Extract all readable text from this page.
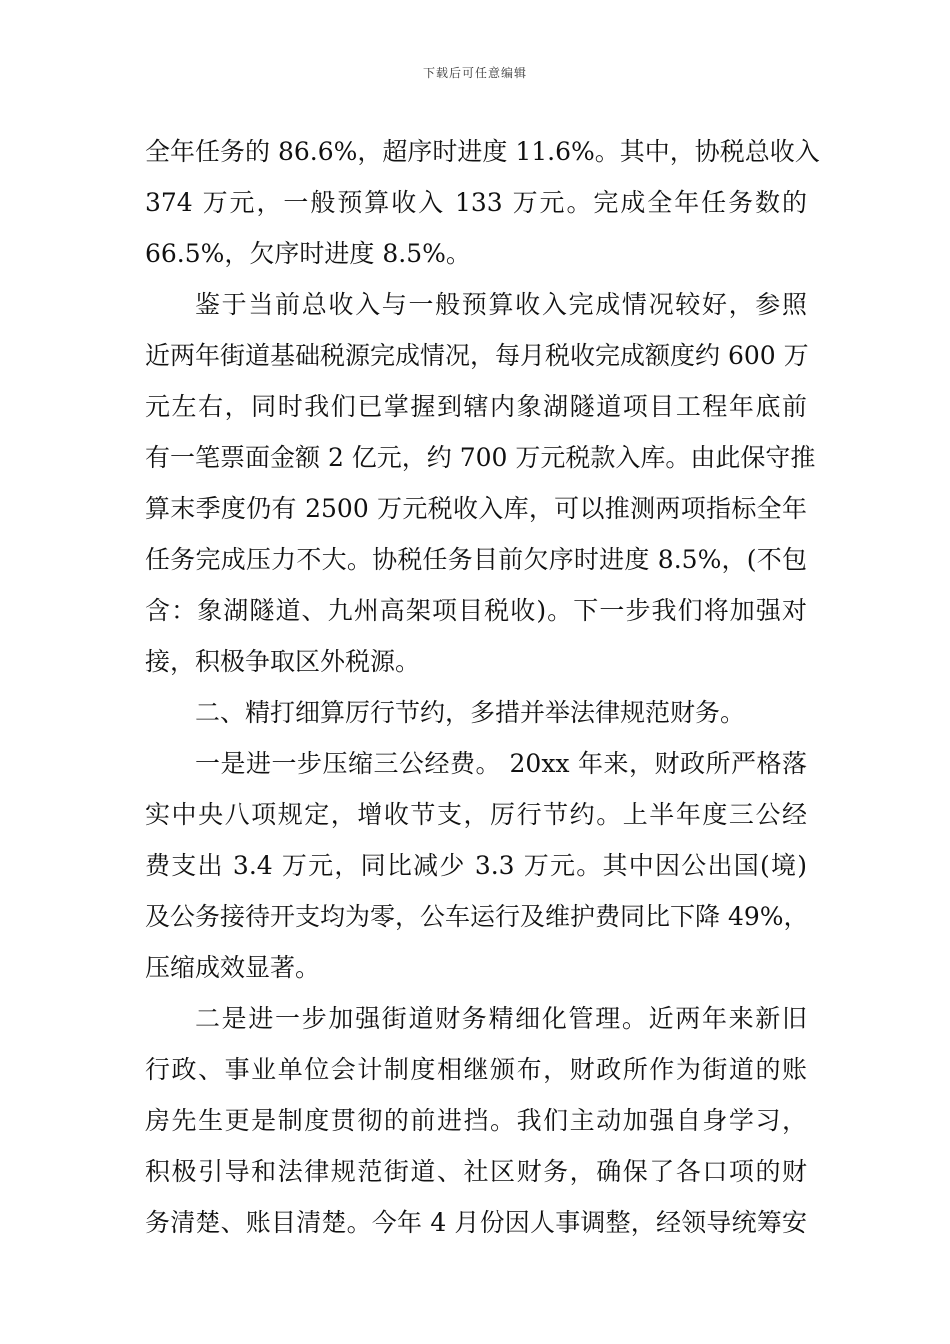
下载后可任意编辑
全年任务的 86.6%，超序时进度 11.6%。其中，协税总收入
374 万元，一般预算收入 133 万元。完成全年任务数的
66.5%，欠序时进度 8.5%。
鉴于当前总收入与一般预算收入完成情况较好，参照
近两年街道基础税源完成情况，每月税收完成额度约 600 万
元左右，同时我们已掌握到辖内象湖隧道项目工程年底前
有一笔票面金额 2 亿元，约 700 万元税款入库。由此保守推
算末季度仍有 2500 万元税收入库，可以推测两项指标全年
任务完成压力不大。协税任务目前欠序时进度 8.5%，(不包
含：象湖隧道、九州高架项目税收)。下一步我们将加强对
接，积极争取区外税源。
二、精打细算厉行节约，多措并举法律规范财务。
一是进一步压缩三公经费。 20xx 年来，财政所严格落
实中央八项规定，增收节支，厉行节约。上半年度三公经
费支出 3.4 万元，同比减少 3.3 万元。其中因公出国(境)
及公务接待开支均为零，公车运行及维护费同比下降 49%，
压缩成效显著。
二是进一步加强街道财务精细化管理。近两年来新旧
行政、事业单位会计制度相继颁布，财政所作为街道的账
房先生更是制度贯彻的前进挡。我们主动加强自身学习，
积极引导和法律规范街道、社区财务，确保了各口项的财
务清楚、账目清楚。今年 4 月份因人事调整，经领导统筹安
